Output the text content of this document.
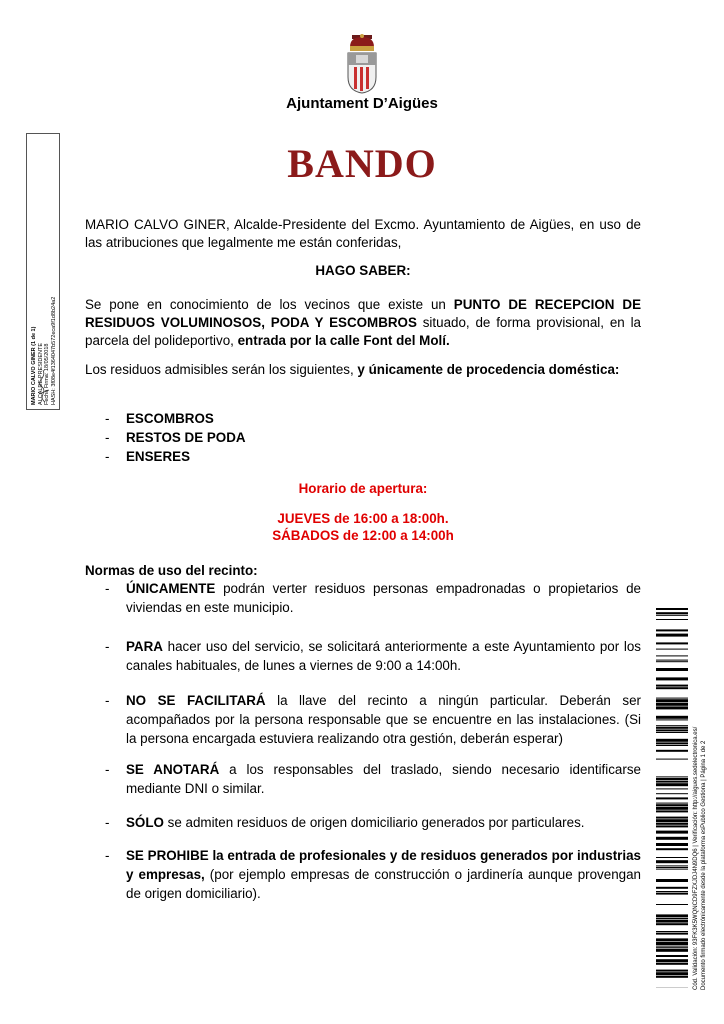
Ajuntament D’Aigües
BANDO
MARIO CALVO GINER, Alcalde-Presidente del Excmo. Ayuntamiento de Aigües, en uso de las atribuciones que legalmente me están conferidas,
HAGO SABER:
Se pone en conocimiento de los vecinos que existe un PUNTO DE RECEPCION DE RESIDUOS VOLUMINOSOS, PODA Y ESCOMBROS situado, de forma provisional, en la parcela del polideportivo, entrada por la calle Font del Molí.
Los residuos admisibles serán los siguientes, y únicamente de procedencia doméstica:
- ESCOMBROS
- RESTOS DE PODA
- ENSERES
Horario de apertura:
JUEVES de 16:00 a 18:00h.
SÁBADOS de 12:00 a 14:00h
Normas de uso del recinto:
- ÚNICAMENTE podrán verter residuos personas empadronadas o propietarios de viviendas en este municipio.
- PARA hacer uso del servicio, se solicitará anteriormente a este Ayuntamiento por los canales habituales, de lunes a viernes de 9:00 a 14:00h.
- NO SE FACILITARÁ la llave del recinto a ningún particular. Deberán ser acompañados por la persona responsable que se encuentre en las instalaciones. (Si la persona encargada estuviera realizando otra gestión, deberán esperar)
- SE ANOTARÁ a los responsables del traslado, siendo necesario identificarse mediante DNI o similar.
- SÓLO se admiten residuos de origen domiciliario generados por particulares.
- SE PROHIBE la entrada de profesionales y de residuos generados por industrias y empresas, (por ejemplo empresas de construcción o jardinería aunque provengan de origen domiciliario).
MARIO CALVO GINER (1 de 1) ALCALDE-PRESIDENTE Fecha Firma: 18/05/2018 HASH: 3f08e4f1364047b572eca9f1d8b24a2
Cód. Validación: 93FK3K5WQNCD9FZXJDJ4N9DQ6 | Verificación: http://aigues.sedelectronica.es/ Documento firmado electrónicamente desde la plataforma esPublico Gestiona | Página 1 de 2
